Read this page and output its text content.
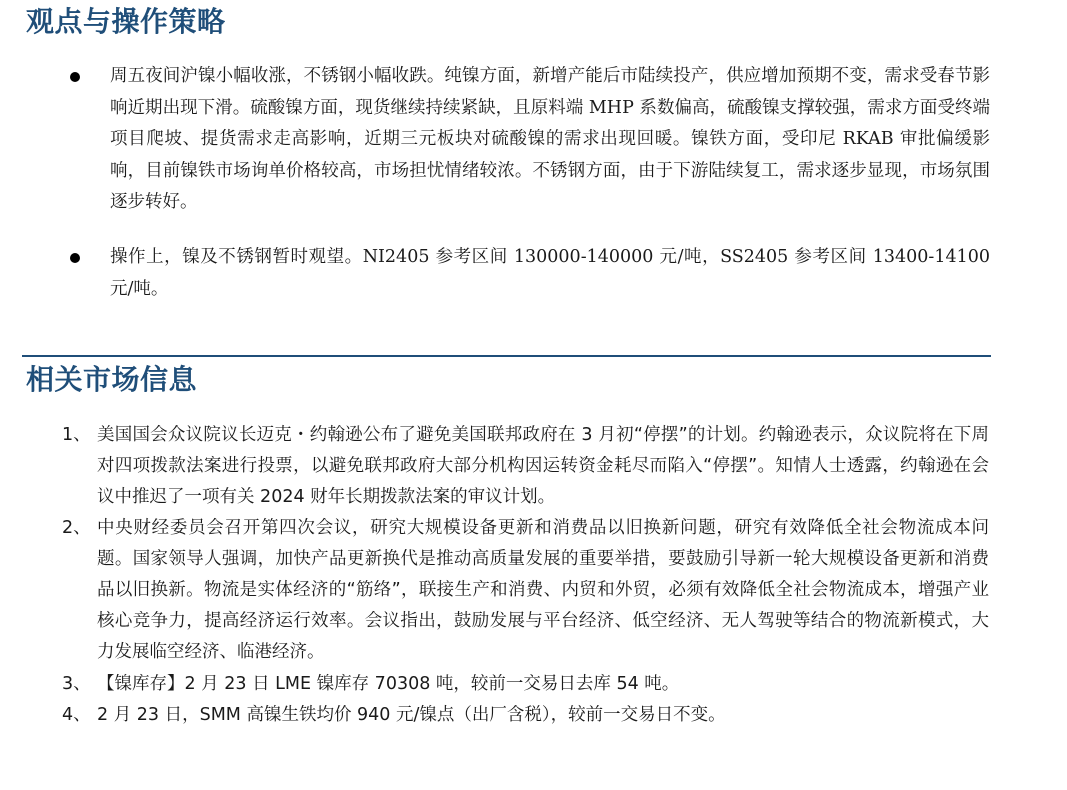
观点与操作策略

周五夜间沪镍小幅收涨，不锈钢小幅收跌。纯镍方面，新增产能后市陆续投产，供应增加预期不变，需求受春节影响近期出现下滑。硫酸镍方面，现货继续持续紧缺，且原料端 MHP 系数偏高，硫酸镍支撑较强，需求方面受终端项目爬坡、提货需求走高影响，近期三元板块对硫酸镍的需求出现回暖。镍铁方面，受印尼 RKAB 审批偏缓影响，目前镍铁市场询单价格较高，市场担忧情绪较浓。不锈钢方面，由于下游陆续复工，需求逐步显现，市场氛围逐步转好。

操作上，镍及不锈钢暂时观望。NI2405 参考区间 130000-140000 元/吨，SS2405 参考区间 13400-14100 元/吨。

相关市场信息
1、 美国国会众议院议长迈克・约翰逊公布了避免美国联邦政府在 3 月初“停摆”的计划。约翰逊表示，众议院将在下周对四项拨款法案进行投票，以避免联邦政府大部分机构因运转资金耗尽而陷入“停摆”。知情人士透露，约翰逊在会议中推迟了一项有关 2024 财年长期拨款法案的审议计划。

2、 中央财经委员会召开第四次会议，研究大规模设备更新和消费品以旧换新问题，研究有效降低全社会物流成本问题。国家领导人强调，加快产品更新换代是推动高质量发展的重要举措，要鼓励引导新一轮大规模设备更新和消费品以旧换新。物流是实体经济的“筋络”，联接生产和消费、内贸和外贸，必须有效降低全社会物流成本，增强产业核心竞争力，提高经济运行效率。会议指出，鼓励发展与平台经济、低空经济、无人驾驶等结合的物流新模式，大力发展临空经济、临港经济。

3、 【镍库存】2 月 23 日 LME 镍库存 70308 吨，较前一交易日去库 54 吨。

4、 2 月 23 日，SMM 高镍生铁均价 940 元/镍点（出厂含税），较前一交易日不变。
